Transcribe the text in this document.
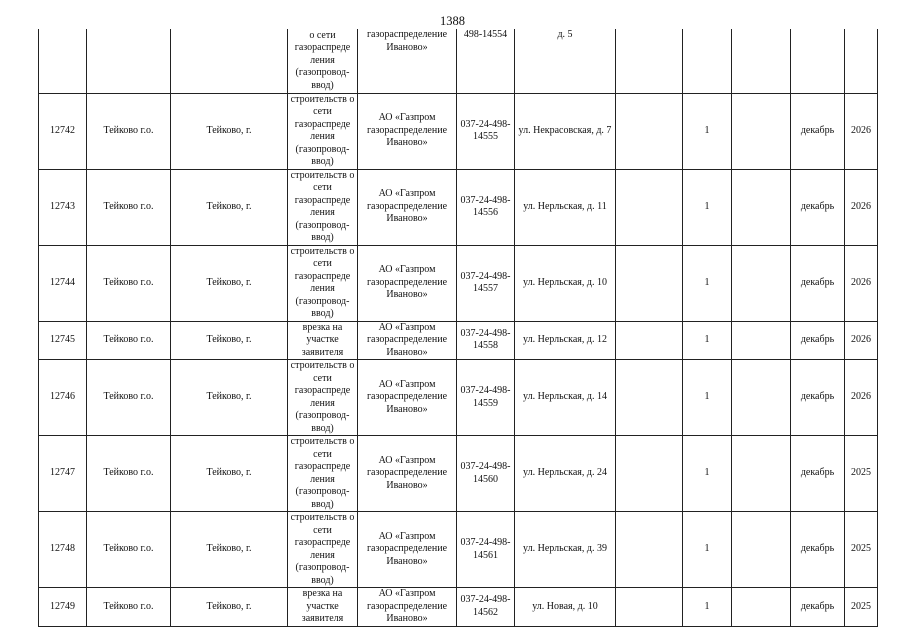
1388
			о сети газораспреде ления (газопровод-ввод)	газораспределение Иваново»	498-14554	д. 5					
12742	Тейково г.о.	Тейково, г.	строительств о сети газораспреде ления (газопровод-ввод)	АО «Газпром газораспределение Иваново»	037-24-498-14555	ул. Некрасовская, д. 7		1		декабрь	2026
12743	Тейково г.о.	Тейково, г.	строительств о сети газораспреде ления (газопровод-ввод)	АО «Газпром газораспределение Иваново»	037-24-498-14556	ул. Нерльская, д. 11		1		декабрь	2026
12744	Тейково г.о.	Тейково, г.	строительств о сети газораспреде ления (газопровод-ввод)	АО «Газпром газораспределение Иваново»	037-24-498-14557	ул. Нерльская, д. 10		1		декабрь	2026
12745	Тейково г.о.	Тейково, г.	врезка на участке заявителя	АО «Газпром газораспределение Иваново»	037-24-498-14558	ул. Нерльская, д. 12		1		декабрь	2026
12746	Тейково г.о.	Тейково, г.	строительств о сети газораспреде ления (газопровод-ввод)	АО «Газпром газораспределение Иваново»	037-24-498-14559	ул. Нерльская, д. 14		1		декабрь	2026
12747	Тейково г.о.	Тейково, г.	строительств о сети газораспреде ления (газопровод-ввод)	АО «Газпром газораспределение Иваново»	037-24-498-14560	ул. Нерльская, д. 24		1		декабрь	2025
12748	Тейково г.о.	Тейково, г.	строительств о сети газораспреде ления (газопровод-ввод)	АО «Газпром газораспределение Иваново»	037-24-498-14561	ул. Нерльская, д. 39		1		декабрь	2025
12749	Тейково г.о.	Тейково, г.	врезка на участке заявителя	АО «Газпром газораспределение Иваново»	037-24-498-14562	ул. Новая, д. 10		1		декабрь	2025
